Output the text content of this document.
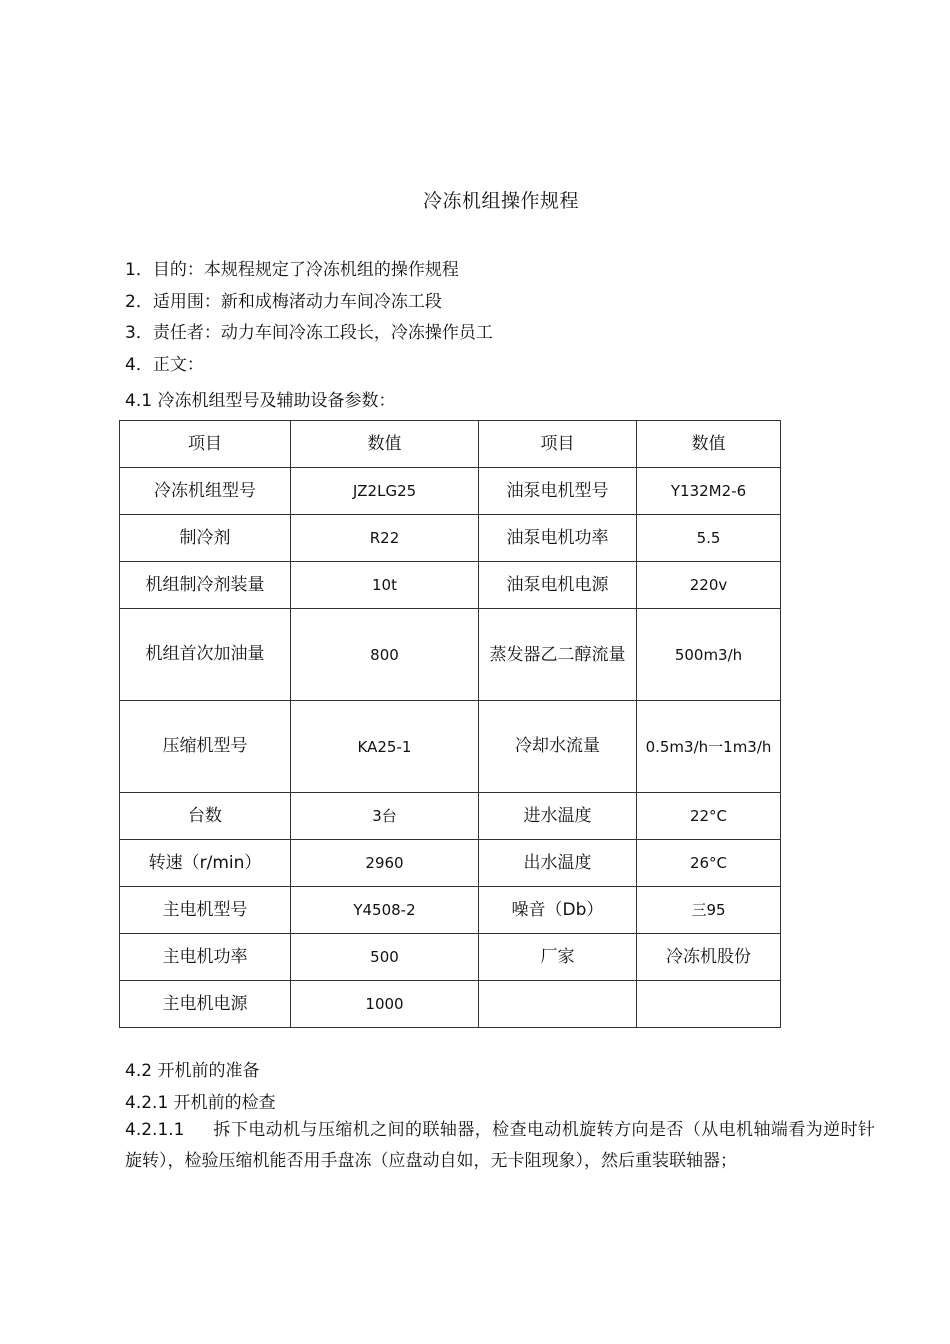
冷冻机组操作规程
1．目的：本规程规定了冷冻机组的操作规程
2．适用围：新和成梅渚动力车间冷冻工段
3．责任者：动力车间冷冻工段长，冷冻操作员工
4．正文：
4.1 冷冻机组型号及辅助设备参数：
项目	数值	项目	数值
冷冻机组型号	JZ2LG25	油泵电机型号	Y132M2-6
制冷剂	R22	油泵电机功率	5.5
机组制冷剂装量	10t	油泵电机电源	220v
机组首次加油量	800	蒸发器乙二醇流量	500m3/h
压缩机型号	KA25-1	冷却水流量	0.5m3/h一1m3/h
台数	3台	进水温度	22°C
转速（r/min）	2960	出水温度	26°C
主电机型号	Y4508-2	噪音（Db）	三95
主电机功率	500	厂家	冷冻机股份
主电机电源	1000		
4.2 开机前的准备
4.2.1 开机前的检查
4.2.1.1 拆下电动机与压缩机之间的联轴器，检查电动机旋转方向是否（从电机轴端看为逆时针旋转），检验压缩机能否用手盘冻（应盘动自如，无卡阻现象），然后重装联轴器；
